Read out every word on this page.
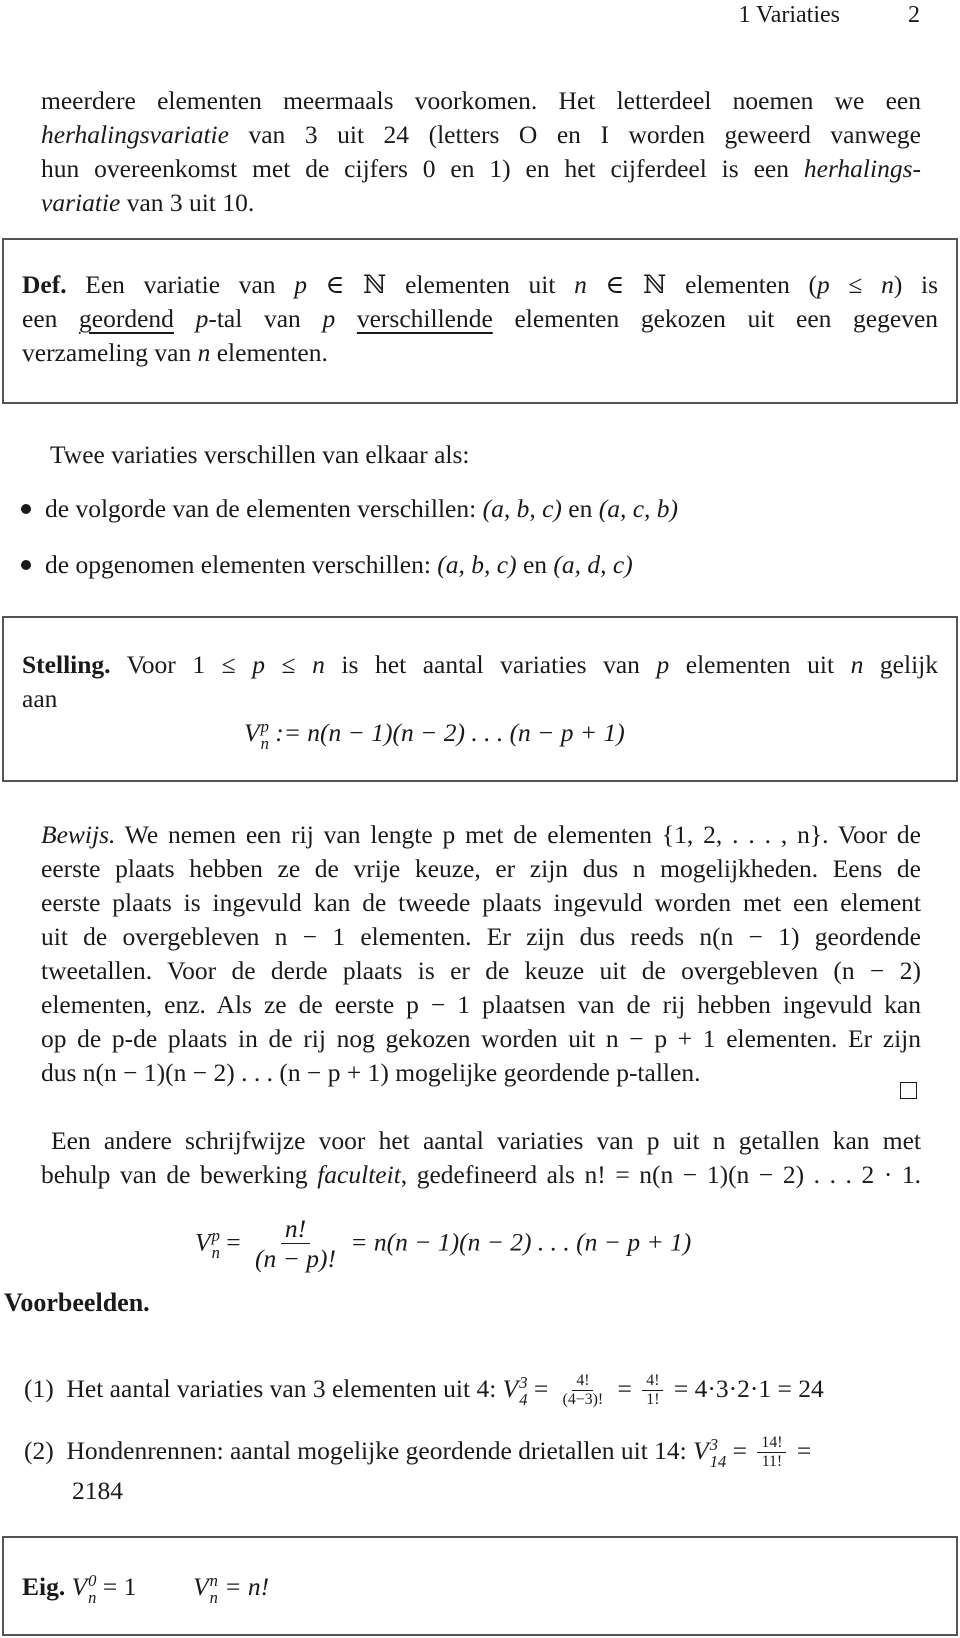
1 Variaties	2
meerdere elementen meermaals voorkomen. Het letterdeel noemen we een
herhalingsvariatie van 3 uit 24 (letters O en I worden geweerd vanwege
hun overeenkomst met de cijfers 0 en 1) en het cijferdeel is een herhalings-
variatie van 3 uit 10.
Def. Een variatie van p ∈ ℕ elementen uit n ∈ ℕ elementen (p ≤ n) is
een geordend p-tal van p verschillende elementen gekozen uit een gegeven
verzameling van n elementen.
Twee variaties verschillen van elkaar als:
de volgorde van de elementen verschillen: (a, b, c) en (a, c, b)
de opgenomen elementen verschillen: (a, b, c) en (a, d, c)
Stelling. Voor 1 ≤ p ≤ n is het aantal variaties van p elementen uit n gelijk
aan
V p
n := n(n − 1)(n − 2) . . . (n − p + 1)
Bewijs. We nemen een rij van lengte p met de elementen {1, 2, . . . , n}. Voor de
eerste plaats hebben ze de vrije keuze, er zijn dus n mogelijkheden. Eens de
eerste plaats is ingevuld kan de tweede plaats ingevuld worden met een element
uit de overgebleven n − 1 elementen. Er zijn dus reeds n(n − 1) geordende
tweetallen. Voor de derde plaats is er de keuze uit de overgebleven (n − 2)
elementen, enz. Als ze de eerste p − 1 plaatsen van de rij hebben ingevuld kan
op de p-de plaats in de rij nog gekozen worden uit n − p + 1 elementen. Er zijn
dus n(n − 1)(n − 2) . . . (n − p + 1) mogelijke geordende p-tallen.
Een andere schrijfwijze voor het aantal variaties van p uit n getallen kan met
behulp van de bewerking faculteit, gedefineerd als n! = n(n − 1)(n − 2) . . . 2 · 1.
V p
$n = \frac{n!}{(n - p)!} = n(n - 1)(n - 2)$ . . . (n − p + 1)
Voorbeelden.
(1) Het aantal variaties van 3 elementen uit 4: V 3
$4 = \frac{4!}{(4-3)!} = \frac{4!}{1!} = 4\cdot 3\cdot 2\cdot 1 = 24$
(2) Hondenrennen: aantal mogelijke geordende drietallen uit 14: V 3
$14 = \frac{14!}{11!}$ =
2184
Eig. V 0
n = 1 V n
n = n!
